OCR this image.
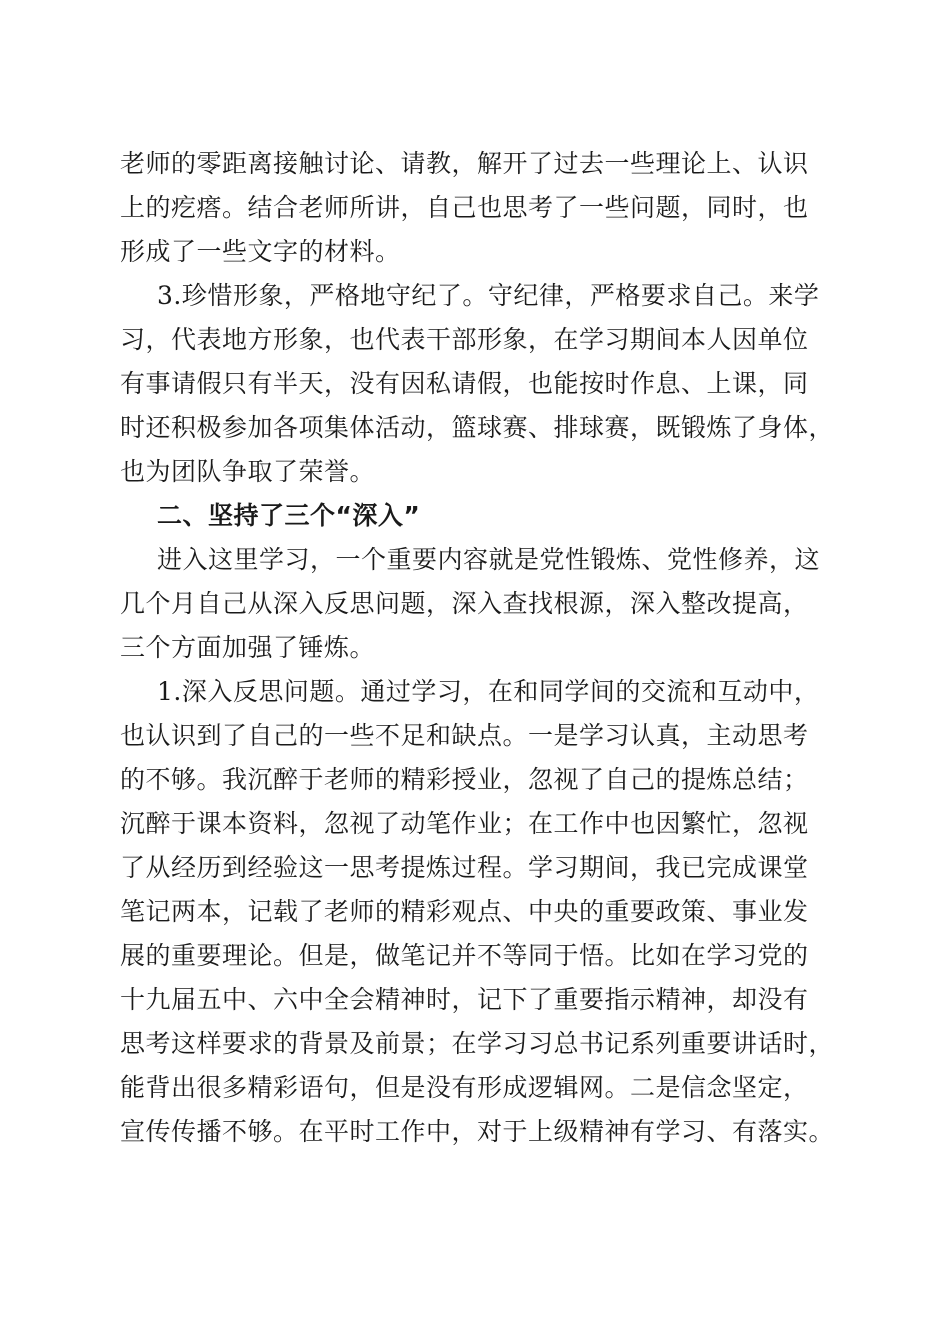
老师的零距离接触讨论、请教，解开了过去一些理论上、认识
上的疙瘩。结合老师所讲，自己也思考了一些问题，同时，也
形成了一些文字的材料。
3.珍惜形象，严格地守纪了。守纪律，严格要求自己。来学
习，代表地方形象，也代表干部形象，在学习期间本人因单位
有事请假只有半天，没有因私请假，也能按时作息、上课，同
时还积极参加各项集体活动，篮球赛、排球赛，既锻炼了身体，
也为团队争取了荣誉。
二、坚持了三个“深入”
进入这里学习，一个重要内容就是党性锻炼、党性修养，这
几个月自己从深入反思问题，深入查找根源，深入整改提高，
三个方面加强了锤炼。
1.深入反思问题。通过学习，在和同学间的交流和互动中，
也认识到了自己的一些不足和缺点。一是学习认真，主动思考
的不够。我沉醉于老师的精彩授业，忽视了自己的提炼总结；
沉醉于课本资料，忽视了动笔作业；在工作中也因繁忙，忽视
了从经历到经验这一思考提炼过程。学习期间，我已完成课堂
笔记两本，记载了老师的精彩观点、中央的重要政策、事业发
展的重要理论。但是，做笔记并不等同于悟。比如在学习党的
十九届五中、六中全会精神时，记下了重要指示精神，却没有
思考这样要求的背景及前景；在学习习总书记系列重要讲话时，
能背出很多精彩语句，但是没有形成逻辑网。二是信念坚定，
宣传传播不够。在平时工作中，对于上级精神有学习、有落实。
